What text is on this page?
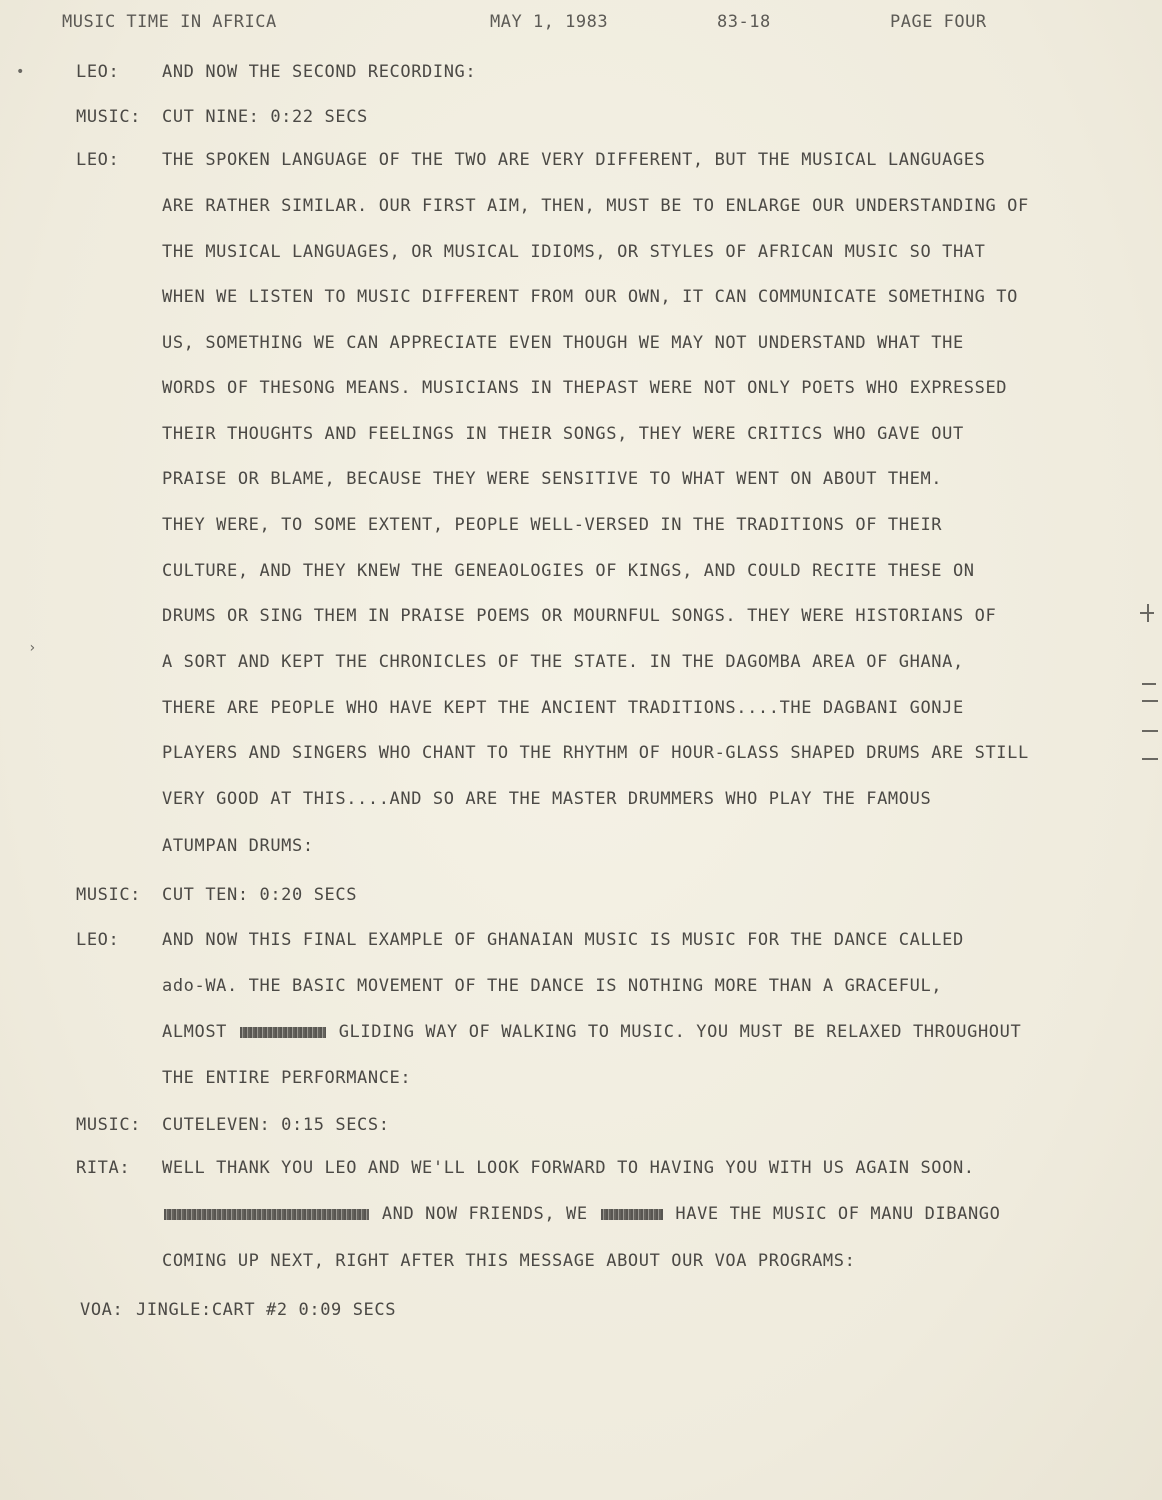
MUSIC TIME IN AFRICA	MAY 1, 1983	83-18	PAGE FOUR
LEO:	AND NOW THE SECOND RECORDING:
MUSIC:	CUT NINE: 0:22 SECS
LEO:	THE SPOKEN LANGUAGE OF THE TWO ARE VERY DIFFERENT, BUT THE MUSICAL LANGUAGES
ARE RATHER SIMILAR. OUR FIRST AIM, THEN, MUST BE TO ENLARGE OUR UNDERSTANDING OF
THE MUSICAL LANGUAGES, OR MUSICAL IDIOMS, OR STYLES OF AFRICAN MUSIC SO THAT
WHEN WE LISTEN TO MUSIC DIFFERENT FROM OUR OWN, IT CAN COMMUNICATE SOMETHING TO
US, SOMETHING WE CAN APPRECIATE EVEN THOUGH WE MAY NOT UNDERSTAND WHAT THE
WORDS OF THESONG MEANS. MUSICIANS IN THEPAST WERE NOT ONLY POETS WHO EXPRESSED
THEIR THOUGHTS AND FEELINGS IN THEIR SONGS, THEY WERE CRITICS WHO GAVE OUT
PRAISE OR BLAME, BECAUSE THEY WERE SENSITIVE TO WHAT WENT ON ABOUT THEM.
THEY WERE, TO SOME EXTENT, PEOPLE WELL-VERSED IN THE TRADITIONS OF THEIR
CULTURE, AND THEY KNEW THE GENEAOLOGIES OF KINGS, AND COULD RECITE THESE ON
DRUMS OR SING THEM IN PRAISE POEMS OR MOURNFUL SONGS. THEY WERE HISTORIANS OF
A SORT AND KEPT THE CHRONICLES OF THE STATE. IN THE DAGOMBA AREA OF GHANA,
THERE ARE PEOPLE WHO HAVE KEPT THE ANCIENT TRADITIONS....THE DAGBANI GONJE
PLAYERS AND SINGERS WHO CHANT TO THE RHYTHM OF HOUR-GLASS SHAPED DRUMS ARE STILL
VERY GOOD AT THIS....AND SO ARE THE MASTER DRUMMERS WHO PLAY THE FAMOUS
ATUMPAN DRUMS:
MUSIC:	CUT TEN: 0:20 SECS
LEO:	AND NOW THIS FINAL EXAMPLE OF GHANAIAN MUSIC IS MUSIC FOR THE DANCE CALLED
ado-WA. THE BASIC MOVEMENT OF THE DANCE IS NOTHING MORE THAN A GRACEFUL,
ALMOST	GLIDING WAY OF WALKING TO MUSIC. YOU MUST BE RELAXED THROUGHOUT
THE ENTIRE PERFORMANCE:
MUSIC:	CUTELEVEN: 0:15 SECS:
RITA:	WELL THANK YOU LEO AND WE'LL LOOK FORWARD TO HAVING YOU WITH US AGAIN SOON.
AND NOW FRIENDS, WE	HAVE THE MUSIC OF MANU DIBANGO
COMING UP NEXT, RIGHT AFTER THIS MESSAGE ABOUT OUR VOA PROGRAMS:
VOA: JINGLE:CART #2 0:09 SECS
•
›
